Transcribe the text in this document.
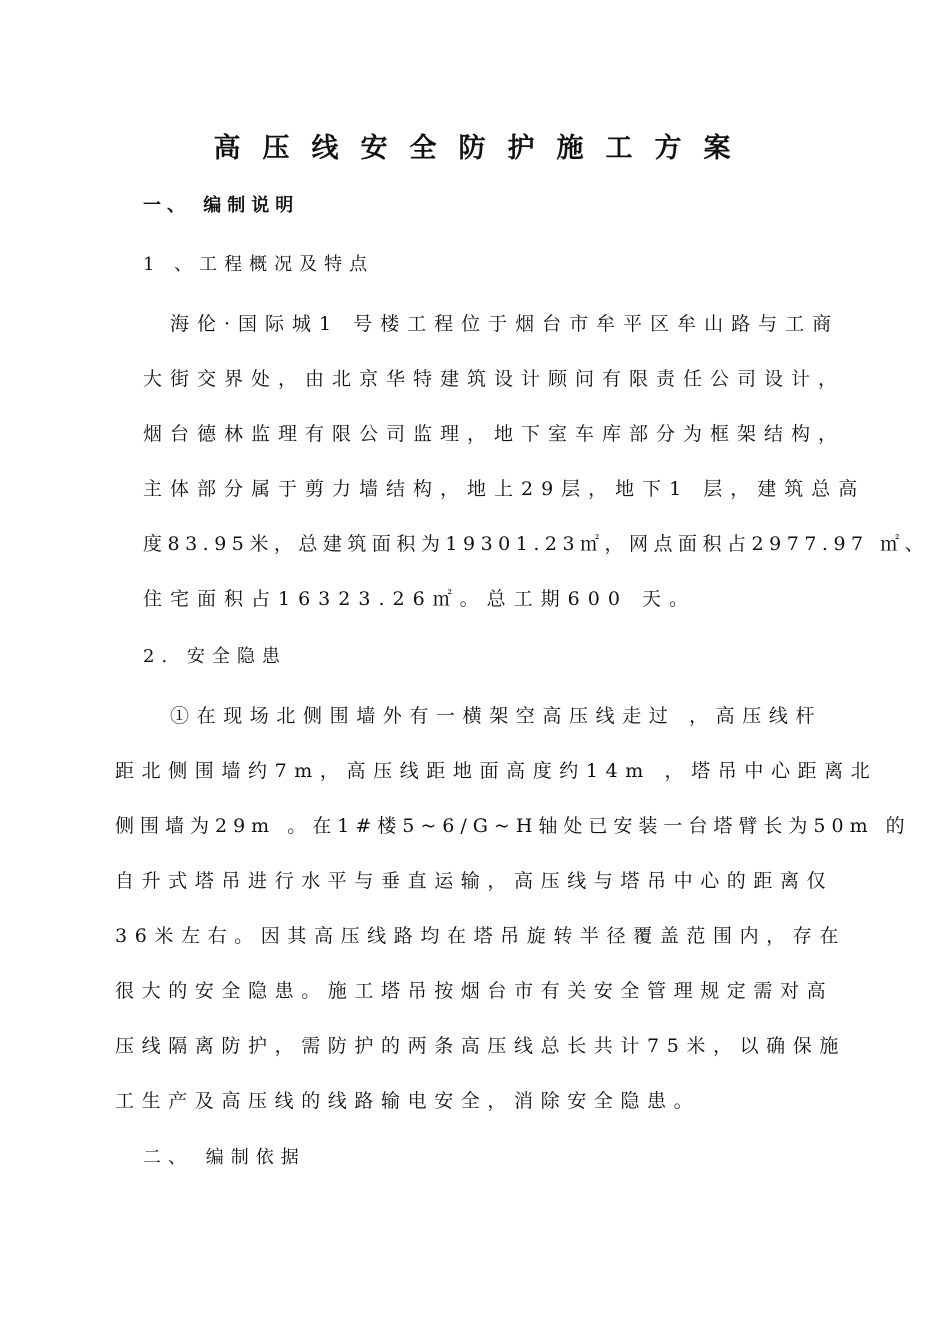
高压线安全防护施工方案
一、 编制说明
1 、工程概况及特点
海伦·国际城1 号楼工程位于烟台市牟平区牟山路与工商
大街交界处，由北京华特建筑设计顾问有限责任公司设计，
烟台德林监理有限公司监理，地下室车库部分为框架结构，
主体部分属于剪力墙结构，地上29层，地下1 层，建筑总高
度83.95米，总建筑面积为19301.23㎡，网点面积占2977.97 ㎡、
住宅面积占16323.26㎡。总工期600 天。
2. 安全隐患
①在现场北侧围墙外有一横架空高压线走过 ，高压线杆
距北侧围墙约7m，高压线距地面高度约14m ，塔吊中心距离北
侧围墙为29m 。在1#楼5~6/G~H轴处已安装一台塔臂长为50m 的
自升式塔吊进行水平与垂直运输，高压线与塔吊中心的距离仅
36米左右。因其高压线路均在塔吊旋转半径覆盖范围内，存在
很大的安全隐患。施工塔吊按烟台市有关安全管理规定需对高
压线隔离防护，需防护的两条高压线总长共计75米，以确保施
工生产及高压线的线路输电安全，消除安全隐患。
二、 编制依据
